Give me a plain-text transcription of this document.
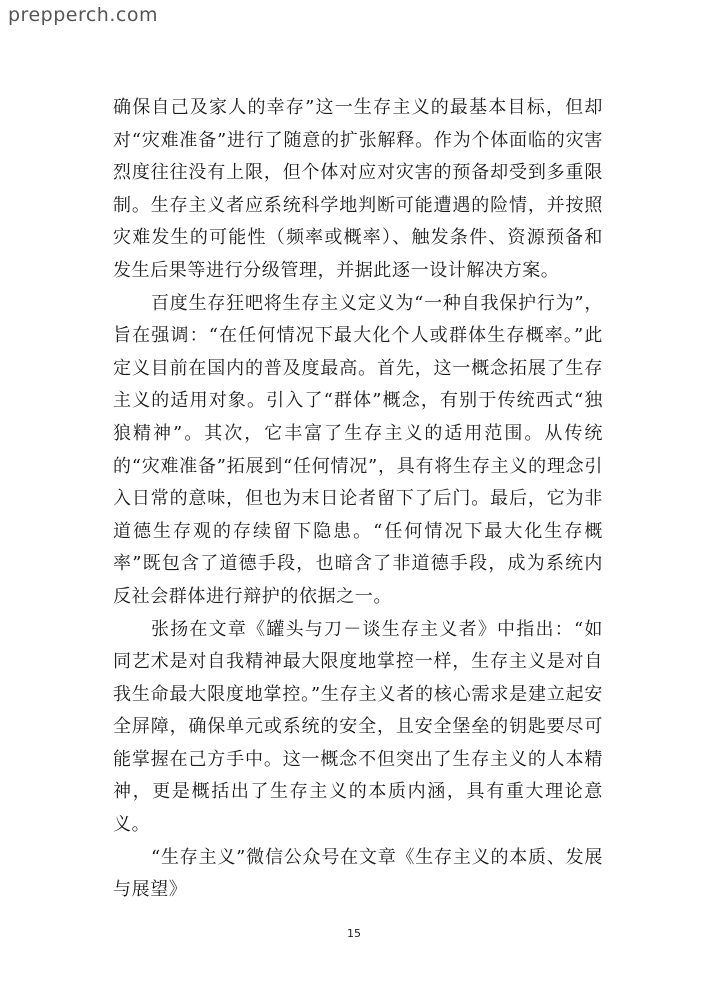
prepperch.com

确保自己及家人的幸存”这一生存主义的最基本目标，但却对“灾难准备”进行了随意的扩张解释。作为个体面临的灾害烈度往往没有上限，但个体对应对灾害的预备却受到多重限制。生存主义者应系统科学地判断可能遭遇的险情，并按照灾难发生的可能性（频率或概率）、触发条件、资源预备和发生后果等进行分级管理，并据此逐一设计解决方案。

百度生存狂吧将生存主义定义为“一种自我保护行为”，旨在强调：“在任何情况下最大化个人或群体生存概率。”此定义目前在国内的普及度最高。首先，这一概念拓展了生存主义的适用对象。引入了“群体”概念，有别于传统西式“独狼精神”。其次，它丰富了生存主义的适用范围。从传统的“灾难准备”拓展到“任何情况”，具有将生存主义的理念引入日常的意味，但也为末日论者留下了后门。最后，它为非道德生存观的存续留下隐患。“任何情况下最大化生存概率”既包含了道德手段，也暗含了非道德手段，成为系统内反社会群体进行辩护的依据之一。

张扬在文章《罐头与刀－谈生存主义者》中指出：“如同艺术是对自我精神最大限度地掌控一样，生存主义是对自我生命最大限度地掌控。”生存主义者的核心需求是建立起安全屏障，确保单元或系统的安全，且安全堡垒的钥匙要尽可能掌握在己方手中。这一概念不但突出了生存主义的人本精神，更是概括出了生存主义的本质内涵，具有重大理论意义。

“生存主义”微信公众号在文章《生存主义的本质、发展与展望》

15
